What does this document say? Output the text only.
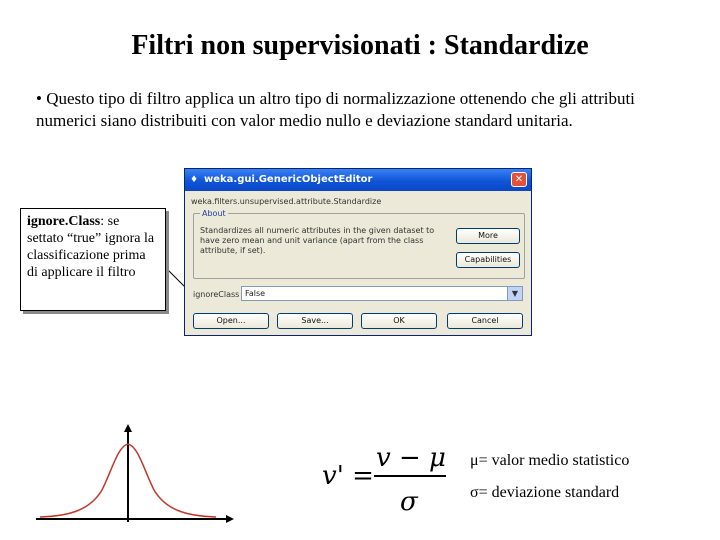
Filtri non supervisionati : Standardize
• Questo tipo di filtro applica un altro tipo di normalizzazione ottenendo che gli attributi
numerici siano distribuiti con valor medio nullo e deviazione standard unitaria.
♦ weka.gui.GenericObjectEditor	✕
weka.filters.unsupervised.attribute.Standardize
About
Standardizes all numeric attributes in the given dataset to have zero mean and unit variance (apart from the class attribute, if set).
More
Capabilities
ignoreClass False	▼
Open...	Save...	OK	Cancel
ignore.Class: se settato “true” ignora la classificazione prima di applicare il filtro
v' =
v − μ
σ
μ= valor medio statistico
σ= deviazione standard
